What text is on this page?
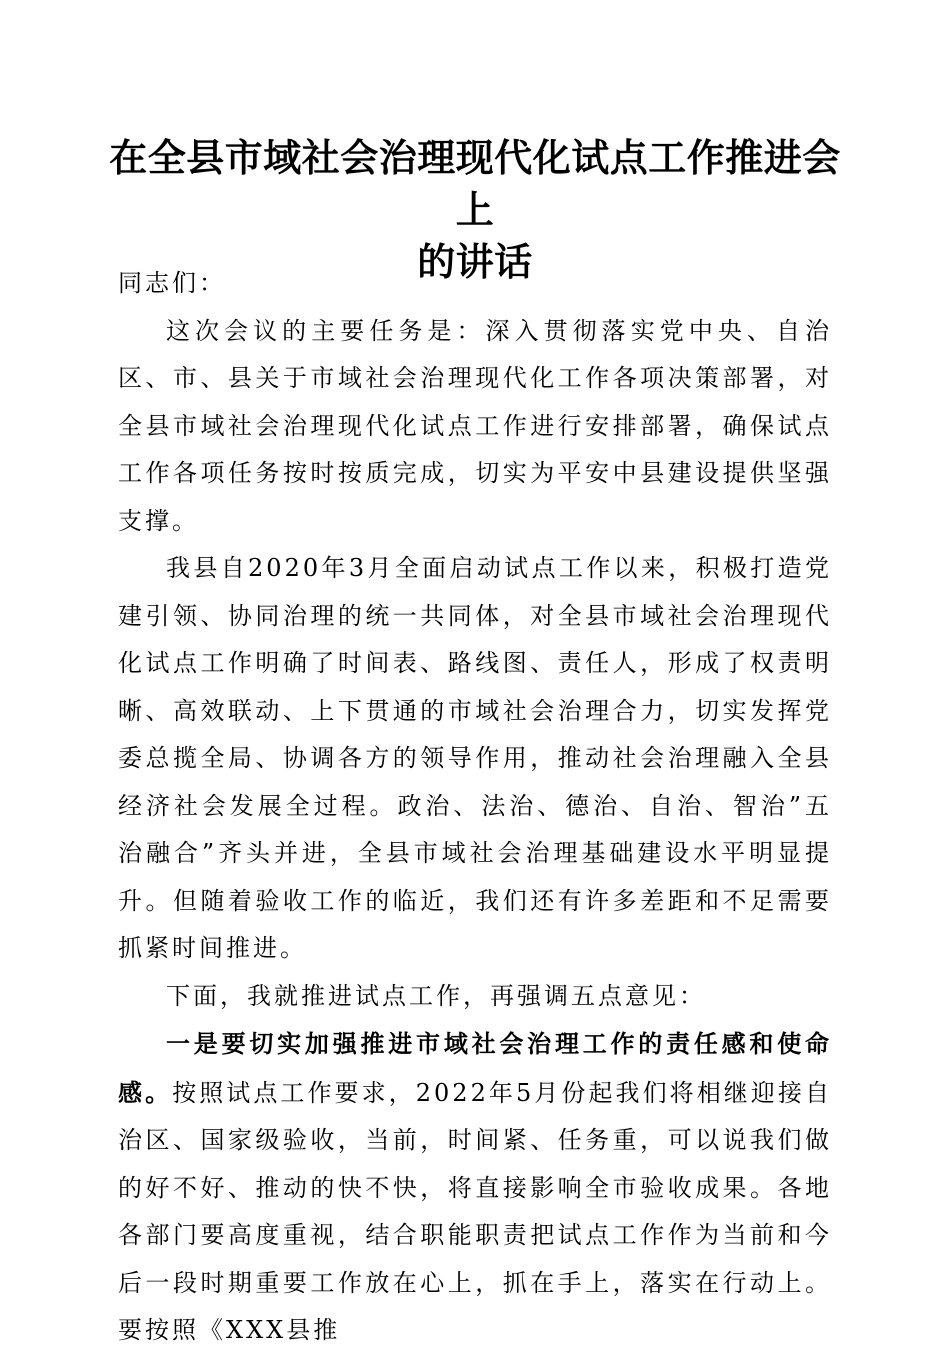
在全县市域社会治理现代化试点工作推进会上
的讲话

同志们：

这次会议的主要任务是：深入贯彻落实党中央、自治区、市、县关于市域社会治理现代化工作各项决策部署，对全县市域社会治理现代化试点工作进行安排部署，确保试点工作各项任务按时按质完成，切实为平安中县建设提供坚强支撑。

我县自2020年3月全面启动试点工作以来，积极打造党建引领、协同治理的统一共同体，对全县市域社会治理现代化试点工作明确了时间表、路线图、责任人，形成了权责明晰、高效联动、上下贯通的市域社会治理合力，切实发挥党委总揽全局、协调各方的领导作用，推动社会治理融入全县经济社会发展全过程。政治、法治、德治、自治、智治”五治融合”齐头并进，全县市域社会治理基础建设水平明显提升。但随着验收工作的临近，我们还有许多差距和不足需要抓紧时间推进。

下面，我就推进试点工作，再强调五点意见：

一是要切实加强推进市域社会治理工作的责任感和使命感。按照试点工作要求，2022年5月份起我们将相继迎接自治区、国家级验收，当前，时间紧、任务重，可以说我们做的好不好、推动的快不快，将直接影响全市验收成果。各地各部门要高度重视，结合职能职责把试点工作作为当前和今后一段时期重要工作放在心上，抓在手上，落实在行动上。要按照《XXX县推
